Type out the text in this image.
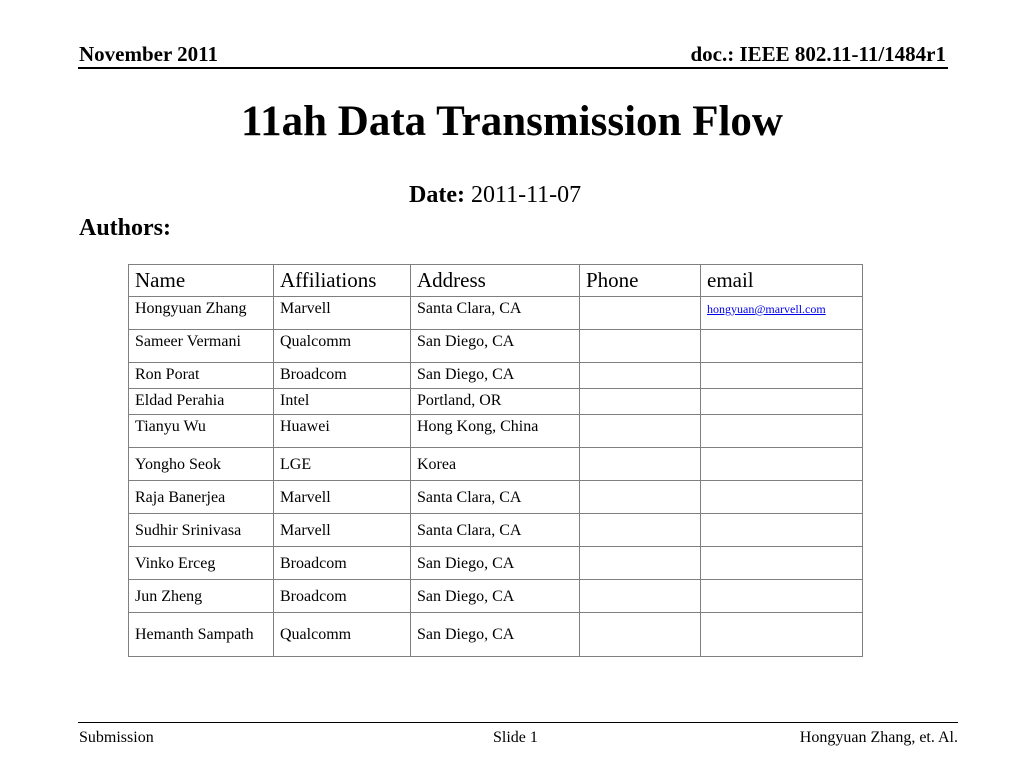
November 2011	doc.: IEEE 802.11-11/1484r1
11ah Data Transmission Flow
Date: 2011-11-07
Authors:
Name	Affiliations	Address	Phone	email
Hongyuan Zhang	Marvell	Santa Clara, CA		hongyuan@marvell.com
Sameer Vermani	Qualcomm	San Diego, CA		
Ron Porat	Broadcom	San Diego, CA		
Eldad Perahia	Intel	Portland, OR		
Tianyu Wu	Huawei	Hong Kong, China		
Yongho Seok	LGE	Korea		
Raja Banerjea	Marvell	Santa Clara, CA		
Sudhir Srinivasa	Marvell	Santa Clara, CA		
Vinko Erceg	Broadcom	San Diego, CA		
Jun Zheng	Broadcom	San Diego, CA		
Hemanth Sampath	Qualcomm	San Diego, CA		
Submission	Slide 1	Hongyuan Zhang, et. Al.
